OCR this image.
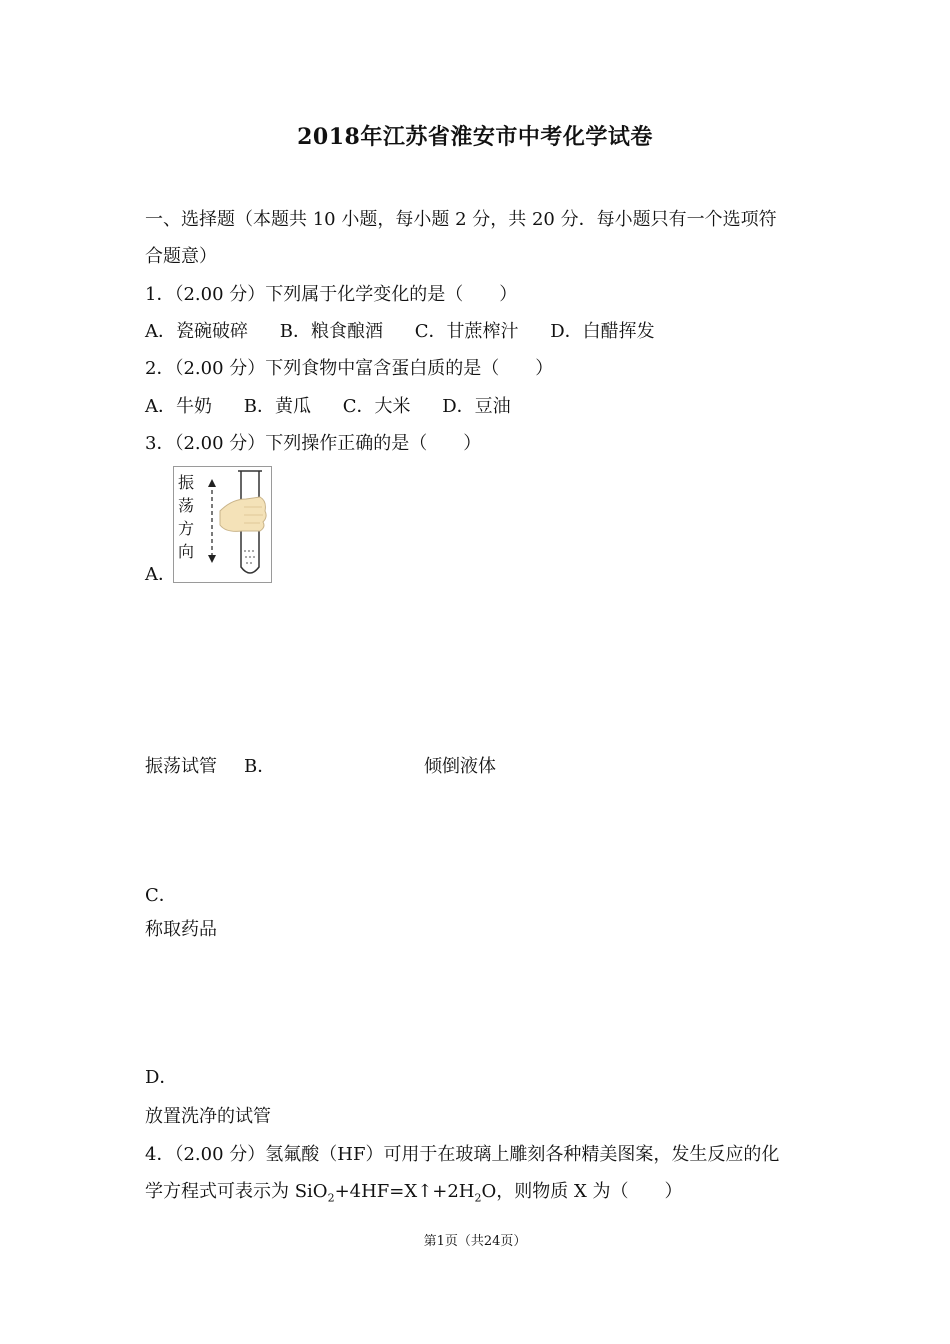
2018年江苏省淮安市中考化学试卷
一、选择题（本题共 10 小题，每小题 2 分，共 20 分．每小题只有一个选项符
合题意）
1．（2.00 分）下列属于化学变化的是（　　）
A．瓷碗破碎 B．粮食酿酒 C．甘蔗榨汁 D．白醋挥发
2．（2.00 分）下列食物中富含蛋白质的是（　　）
A．牛奶 B．黄瓜 C．大米 D．豆油
3．（2.00 分）下列操作正确的是（　　）
振
荡
方
向
A．
振荡试管 B．	倾倒液体
C．
称取药品
D．
放置洗净的试管
4．（2.00 分）氢氟酸（HF）可用于在玻璃上雕刻各种精美图案，发生反应的化
学方程式可表示为 $SiO_2+4HF=X↑+2H_2O$，则物质 X 为（　　）
第1页（共24页）
